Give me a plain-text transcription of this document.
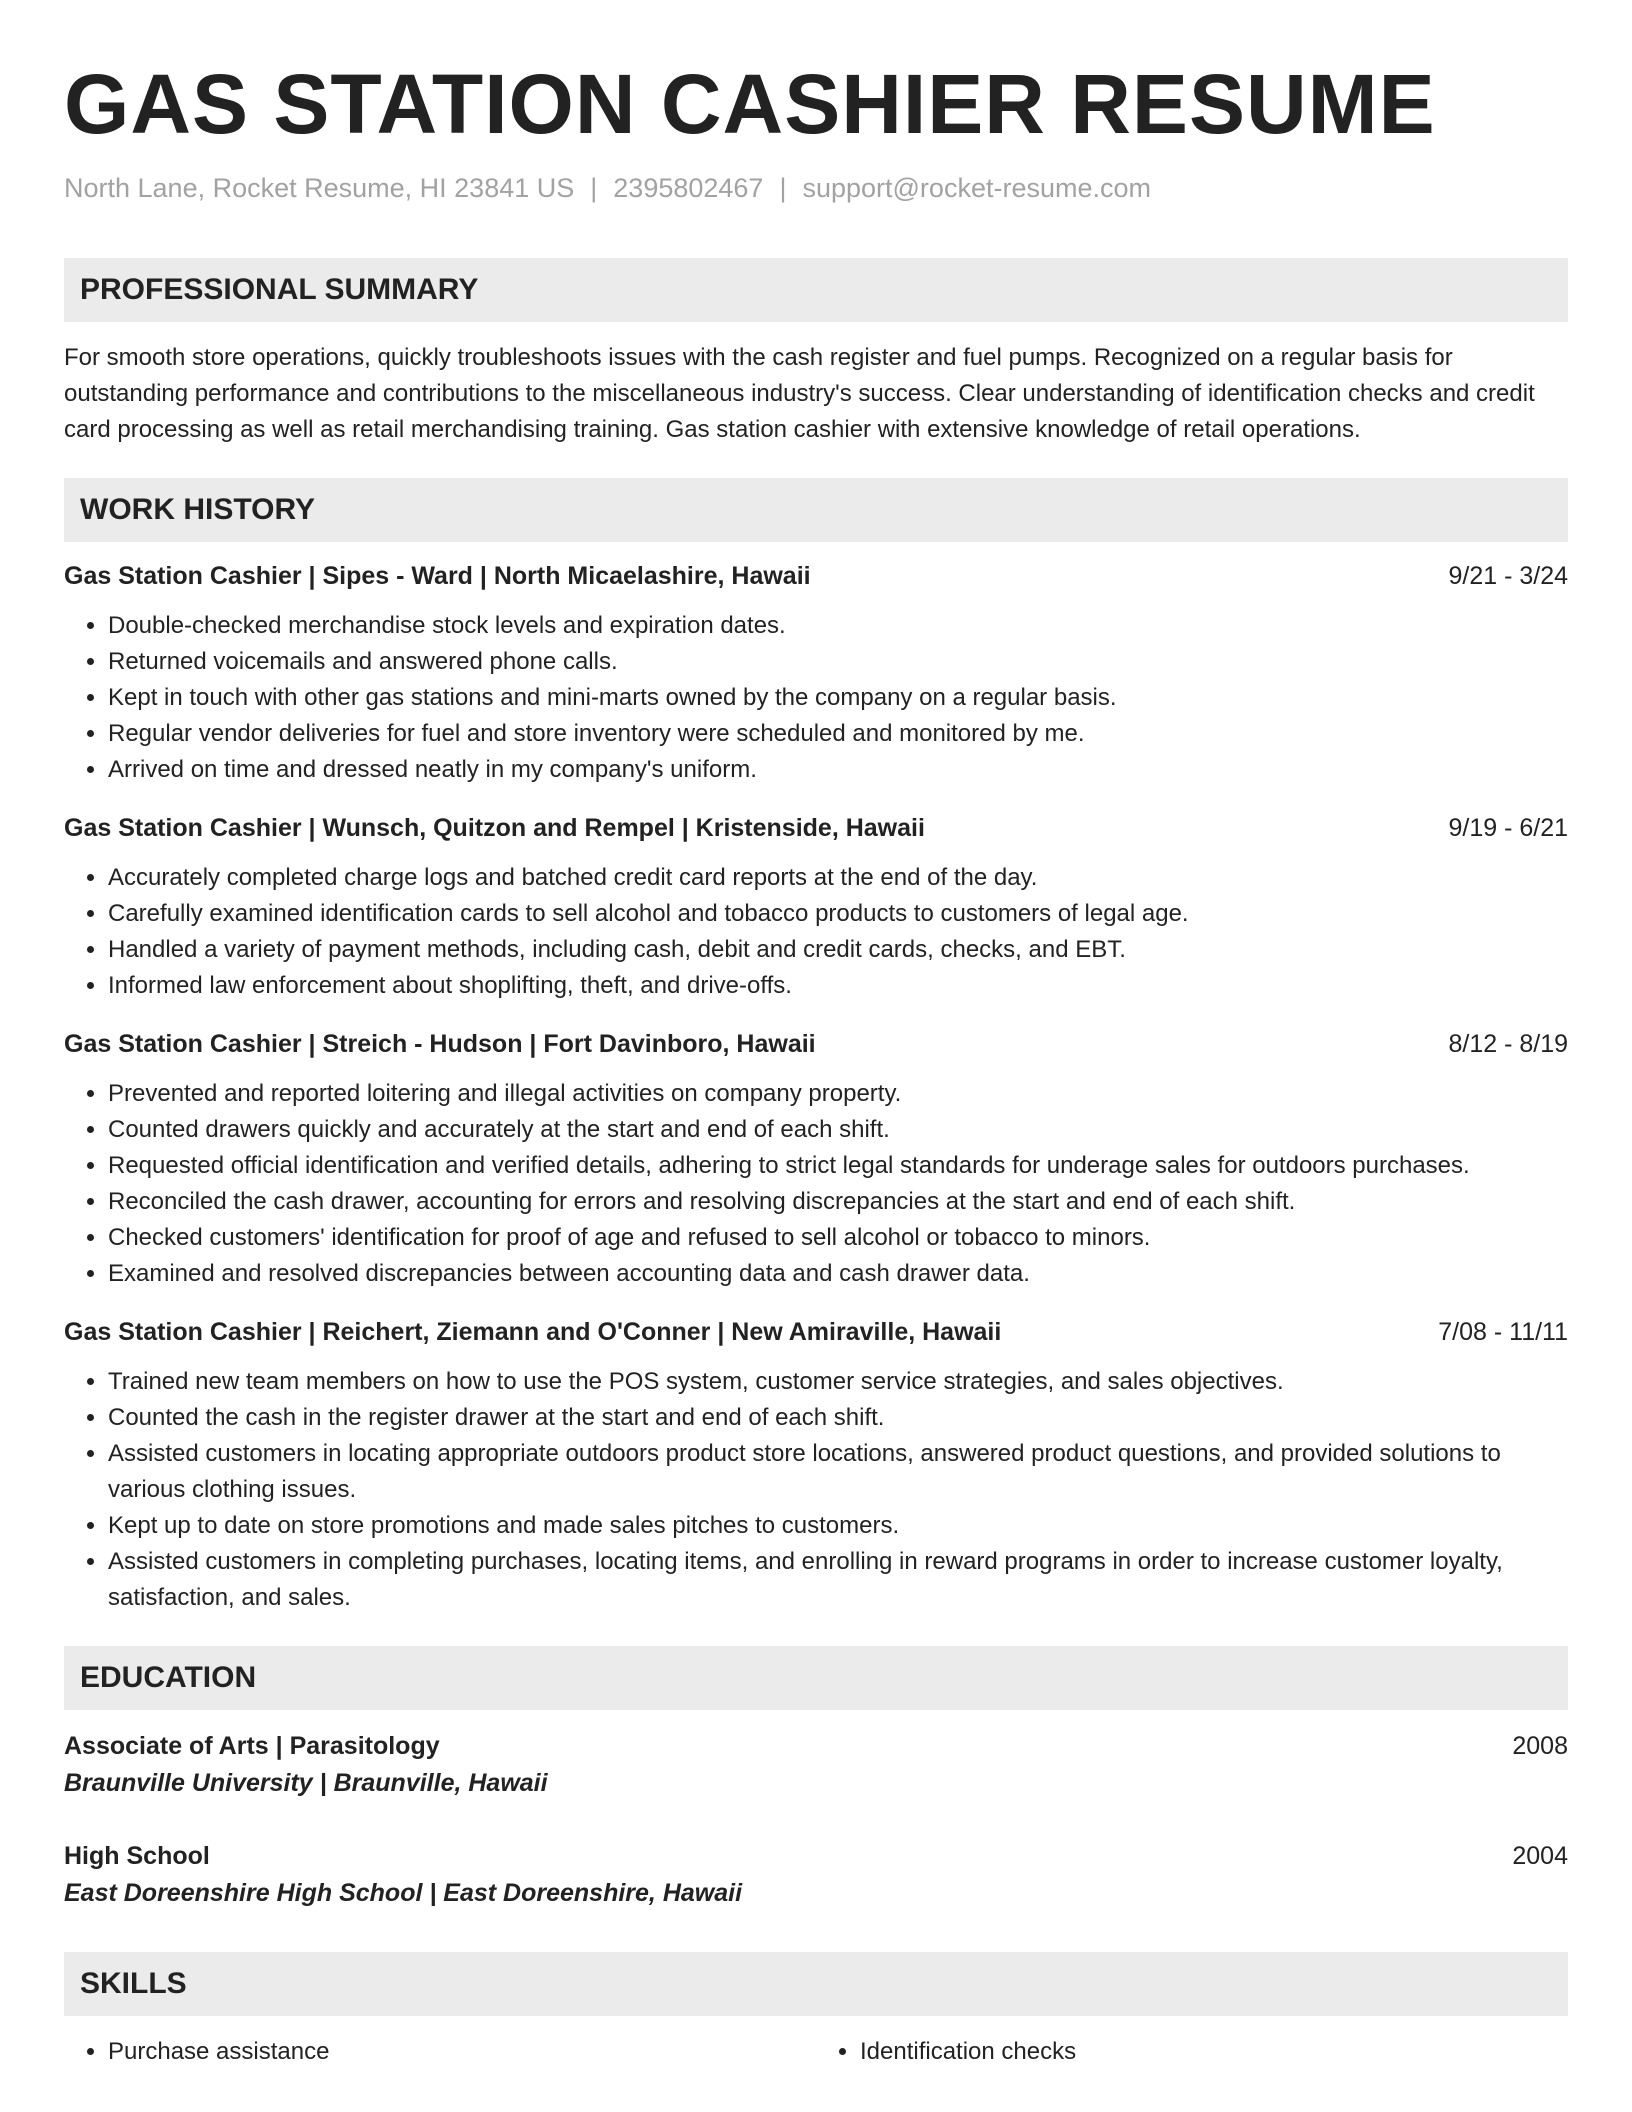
GAS STATION CASHIER RESUME
North Lane, Rocket Resume, HI 23841 US | 2395802467 | support@rocket-resume.com
PROFESSIONAL SUMMARY

For smooth store operations, quickly troubleshoots issues with the cash register and fuel pumps. Recognized on a regular basis for outstanding performance and contributions to the miscellaneous industry's success. Clear understanding of identification checks and credit card processing as well as retail merchandising training. Gas station cashier with extensive knowledge of retail operations.

WORK HISTORY
Gas Station Cashier | Sipes - Ward | North Micaelashire, Hawaii	9/21 - 3/24
• Double-checked merchandise stock levels and expiration dates.
• Returned voicemails and answered phone calls.
• Kept in touch with other gas stations and mini-marts owned by the company on a regular basis.
• Regular vendor deliveries for fuel and store inventory were scheduled and monitored by me.
• Arrived on time and dressed neatly in my company's uniform.
Gas Station Cashier | Wunsch, Quitzon and Rempel | Kristenside, Hawaii	9/19 - 6/21
• Accurately completed charge logs and batched credit card reports at the end of the day.
• Carefully examined identification cards to sell alcohol and tobacco products to customers of legal age.
• Handled a variety of payment methods, including cash, debit and credit cards, checks, and EBT.
• Informed law enforcement about shoplifting, theft, and drive-offs.
Gas Station Cashier | Streich - Hudson | Fort Davinboro, Hawaii	8/12 - 8/19
• Prevented and reported loitering and illegal activities on company property.
• Counted drawers quickly and accurately at the start and end of each shift.
• Requested official identification and verified details, adhering to strict legal standards for underage sales for outdoors purchases.
• Reconciled the cash drawer, accounting for errors and resolving discrepancies at the start and end of each shift.
• Checked customers' identification for proof of age and refused to sell alcohol or tobacco to minors.
• Examined and resolved discrepancies between accounting data and cash drawer data.
Gas Station Cashier | Reichert, Ziemann and O'Conner | New Amiraville, Hawaii	7/08 - 11/11
• Trained new team members on how to use the POS system, customer service strategies, and sales objectives.
• Counted the cash in the register drawer at the start and end of each shift.
• Assisted customers in locating appropriate outdoors product store locations, answered product questions, and provided solutions to various clothing issues.
• Kept up to date on store promotions and made sales pitches to customers.
• Assisted customers in completing purchases, locating items, and enrolling in reward programs in order to increase customer loyalty, satisfaction, and sales.
EDUCATION
Associate of Arts | Parasitology	2008
Braunville University | Braunville, Hawaii
High School	2004
East Doreenshire High School | East Doreenshire, Hawaii
SKILLS
• Purchase assistance
•	Identification checks
